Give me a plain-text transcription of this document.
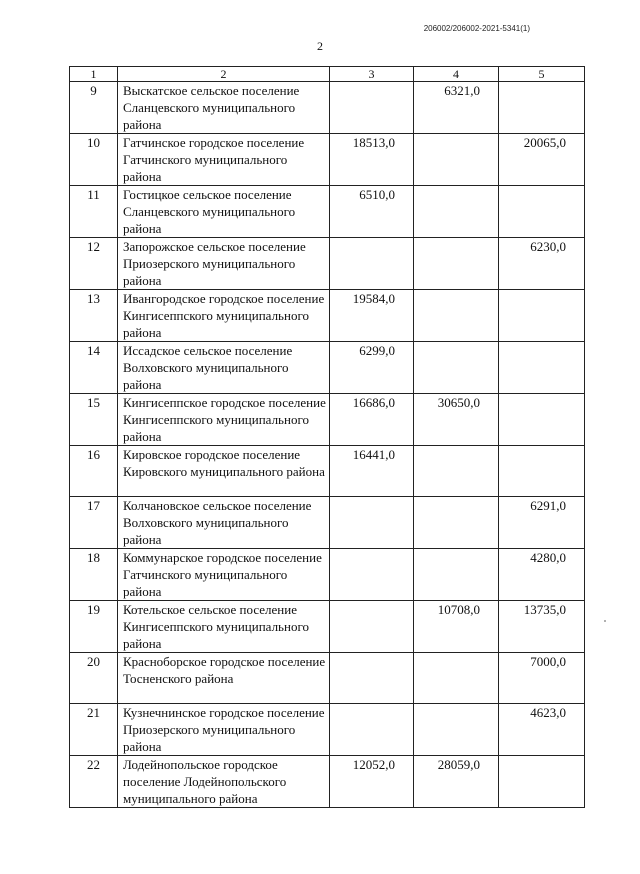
206002/206002-2021-5341(1)
2
1	2	3	4	5
9	Выскатское сельское поселение Сланцевского муниципального района		6321,0	
10	Гатчинское городское поселение Гатчинского муниципального района	18513,0		20065,0
11	Гостицкое сельское поселение Сланцевского муниципального района	6510,0		
12	Запорожское сельское поселение Приозерского муниципального района			6230,0
13	Ивангородское городское поселение Кингисеппского муниципального района	19584,0		
14	Иссадское сельское поселение Волховского муниципального района	6299,0		
15	Кингисеппское городское поселение Кингисеппского муниципального района	16686,0	30650,0	
16	Кировское городское поселение Кировского муниципального района	16441,0		
17	Колчановское сельское поселение Волховского муниципального района			6291,0
18	Коммунарское городское поселение Гатчинского муниципального района			4280,0
19	Котельское сельское поселение Кингисеппского муниципального района		10708,0	13735,0
20	Красноборское городское поселение Тосненского района			7000,0
21	Кузнечнинское городское поселение Приозерского муниципального района			4623,0
22	Лодейнопольское городское поселение Лодейнопольского муниципального района	12052,0	28059,0	
